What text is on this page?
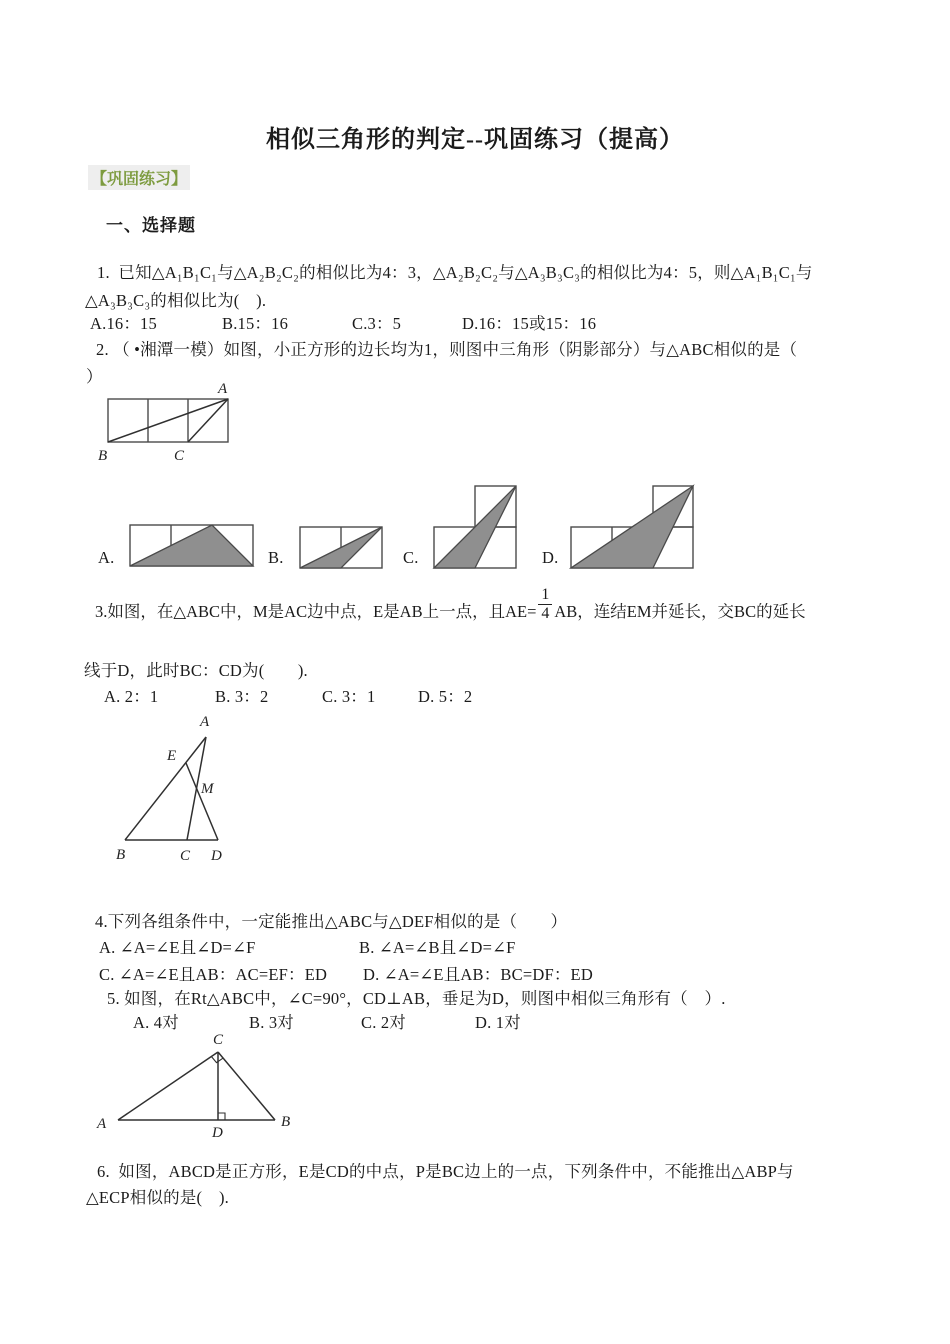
相似三角形的判定--巩固练习（提高）
【巩固练习】
一、选择题
1.  已知△A₁B₁C₁与△A₂B₂C₂的相似比为4：3，△A₂B₂C₂与△A₃B₃C₃的相似比为4：5，则△A₁B₁C₁与
△A₃B₃C₃的相似比为(　).
A.16：15	B.15：16	C.3：5	D.16：15或15：16
2. （ •湘潭一模）如图，小正方形的边长均为1，则图中三角形（阴影部分）与△ABC相似的是（
）
A
B	C
A.	B.	C.	D.
3.如图，在△ABC中，M是AC边中点，E是AB上一点，且$AE= \frac{1}{4}$ AB，连结EM并延长，交BC的延长
线于D，此时BC：CD为(　　).
A. 2：1	B. 3：2	C. 3：1	D. 5：2
A
E
M
B	C D
4.下列各组条件中，一定能推出△ABC与△DEF相似的是（　　）
A. ∠A=∠E且∠D=∠F	B. ∠A=∠B且∠D=∠F
C. ∠A=∠E且AB：AC=EF：ED D. ∠A=∠E且AB：BC=DF：ED
5. 如图，在Rt△ABC中，∠C=90°，CD⊥AB，垂足为D，则图中相似三角形有（　）.
A. 4对	B. 3对	C. 2对	D. 1对
C
A	B
D
6.  如图，ABCD是正方形，E是CD的中点，P是BC边上的一点，下列条件中，不能推出△ABP与
△ECP相似的是(　).
